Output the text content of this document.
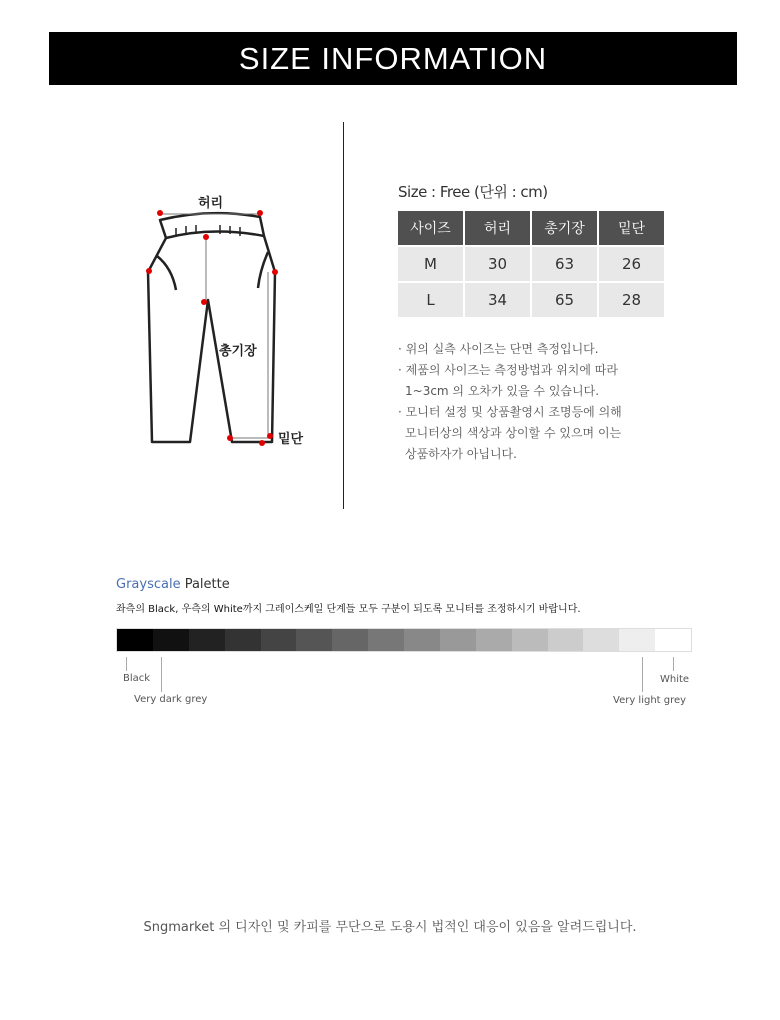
SIZE INFORMATION
허리
총기장
밑단
Size : Free (단위 : cm)
사이즈	허리	총기장	밑단
M	30	63	26
L	34	65	28
· 위의 실측 사이즈는 단면 측정입니다.
· 제품의 사이즈는 측정방법과 위치에 따라
1~3cm 의 오차가 있을 수 있습니다.
· 모니터 설정 및 상품촬영시 조명등에 의해
모니터상의 색상과 상이할 수 있으며 이는
상품하자가 아닙니다.
Grayscale Palette
좌측의 Black, 우측의 White까지 그레이스케일 단계들 모두 구분이 되도록 모니터를 조정하시기 바랍니다.
Black
Very dark grey	Very light grey
White
Sngmarket 의 디자인 및 카피를 무단으로 도용시 법적인 대응이 있음을 알려드립니다.
